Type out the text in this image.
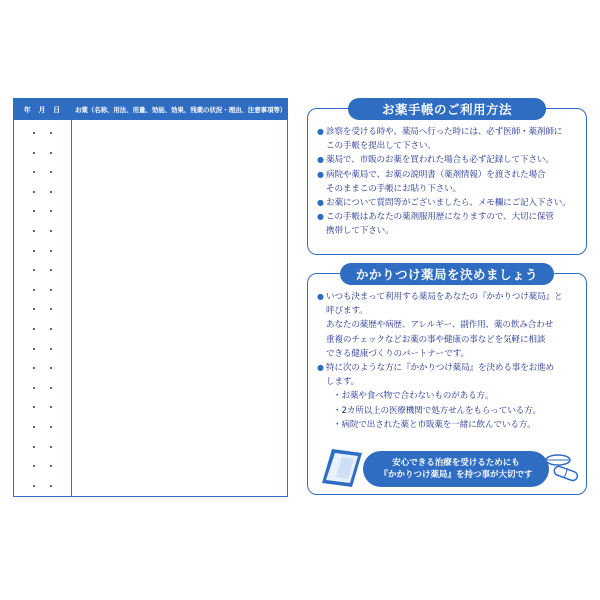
年 月 日	お薬（名称、用法、用量、効能、効果、残薬の状況・理由、注意事項等）	お薬手帳のご利用方法
● 診察を受ける時や、薬局へ行った時には、必ず医師・薬剤師に
この手帳を提出して下さい。
● 薬局で、市販のお薬を買われた場合も必ず記録して下さい。
● 病院や薬局で、お薬の説明書（薬剤情報）を渡された場合
そのままこの手帳にお貼り下さい。
● お薬について質問等がございましたら、メモ欄にご記入下さい。
● この手帳はあなたの薬剤服用歴になりますので、大切に保管
携帯して下さい。
かかりつけ薬局を決めましょう
● いつも決まって利用する薬局をあなたの『かかりつけ薬局』と
呼びます。
あなたの薬歴や病歴、アレルギー、副作用、薬の飲み合わせ
重複のチェックなどお薬の事や健康の事などを気軽に相談
できる健康づくりのパートナーです。
● 特に次のような方に『かかりつけ薬局』を決める事をお進め
します。
・お薬や食べ物で合わないものがある方。
・2カ所以上の医療機関で処方せんをもらっている方。
・病院で出された薬と市販薬を一緒に飲んでいる方。
安心できる治療を受けるためにも
『かかりつけ薬局』を持つ事が大切です
